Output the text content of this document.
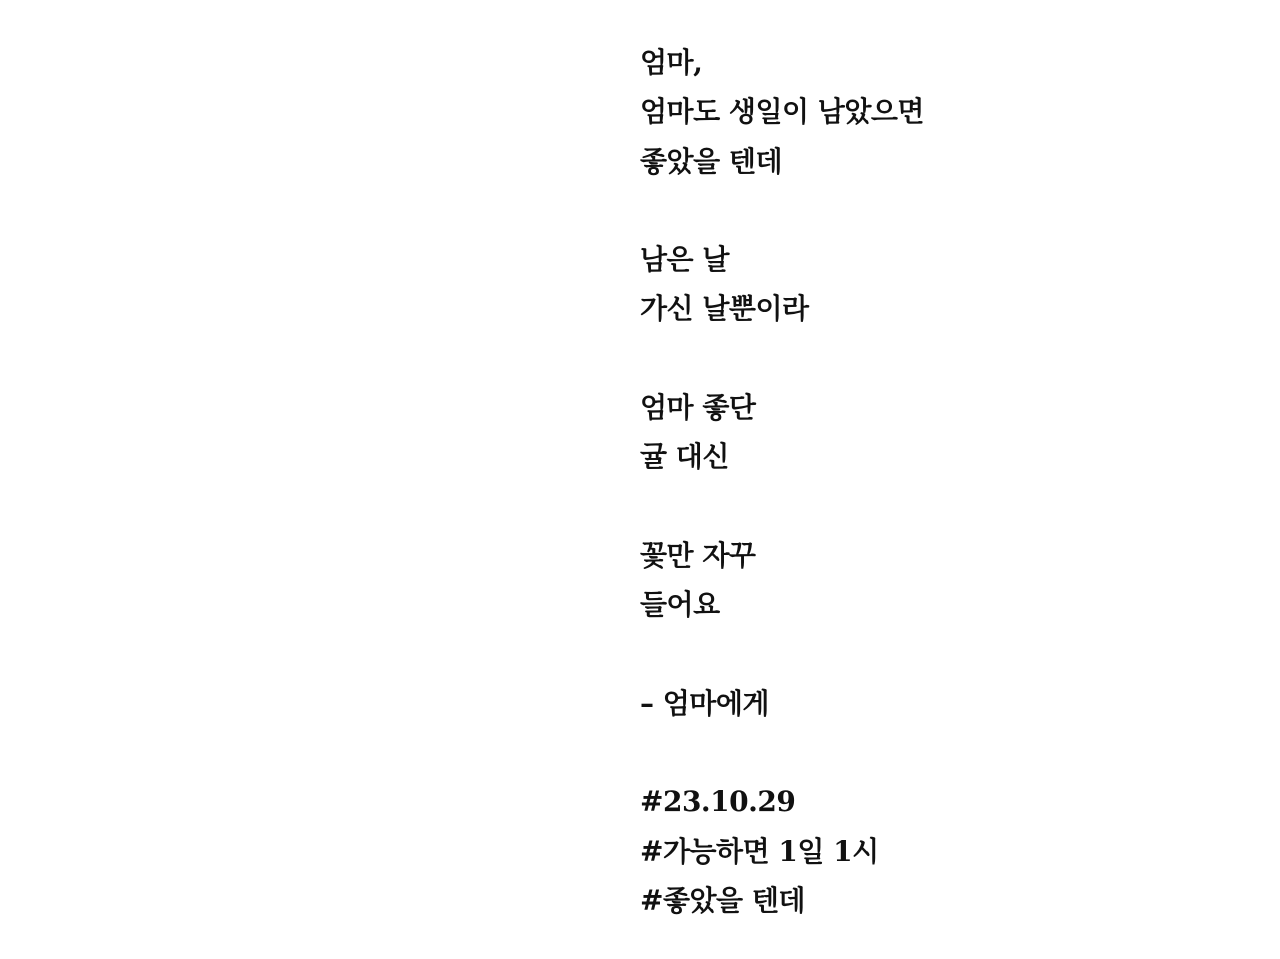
엄마,
엄마도 생일이 남았으면
좋았을 텐데
남은 날
가신 날뿐이라
엄마 좋단
귤 대신
꽃만 자꾸
들어요
– 엄마에게
#23.10.29
#가능하면 1일 1시
#좋았을 텐데
